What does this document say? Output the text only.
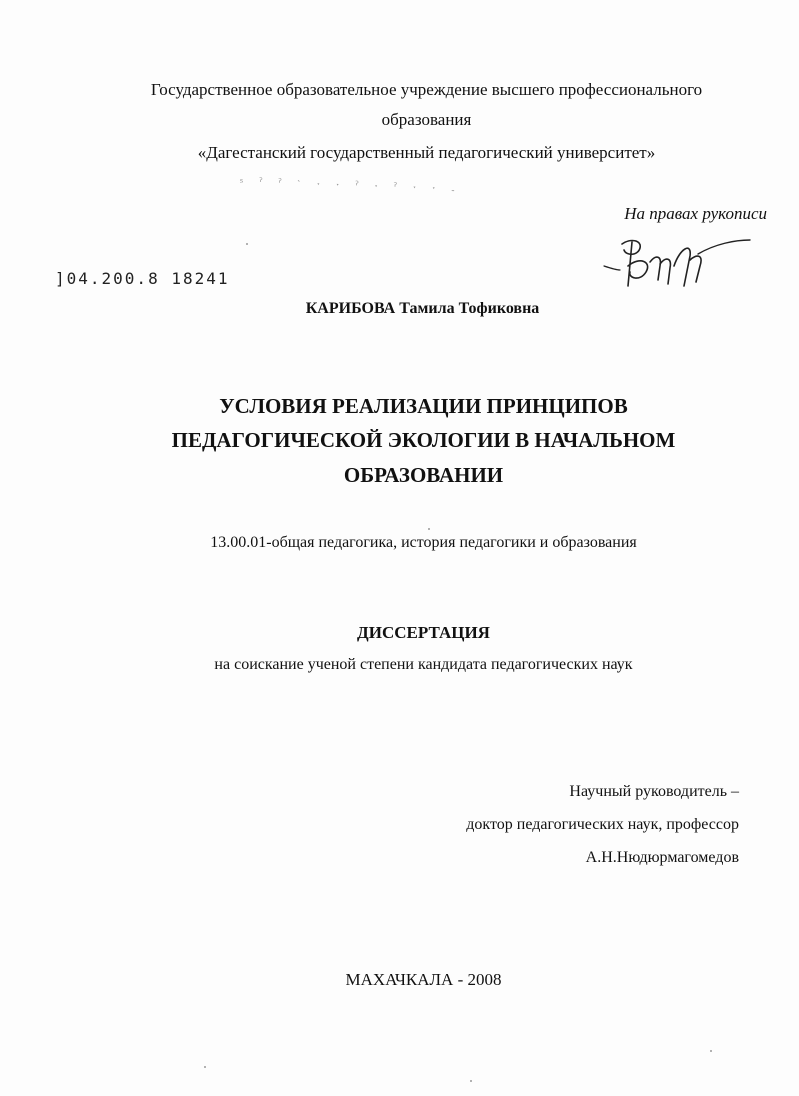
Государственное образовательное учреждение высшего профессионального
образования
«Дагестанский государственный педагогический университет»
ˢ ˀ ˀ ˋ ˑ ˑ ˀ ˑ ˀ ˑ ˑ ˗
На правах рукописи
]04.200.8 18241
КАРИБОВА Тамила Тофиковна
УСЛОВИЯ РЕАЛИЗАЦИИ ПРИНЦИПОВ
ПЕДАГОГИЧЕСКОЙ ЭКОЛОГИИ В НАЧАЛЬНОМ
ОБРАЗОВАНИИ
13.00.01-общая педагогика, история педагогики и образования
ДИССЕРТАЦИЯ
на соискание ученой степени кандидата педагогических наук
Научный руководитель –
доктор педагогических наук, профессор
А.Н.Нюдюрмагомедов
МАХАЧКАЛА - 2008
